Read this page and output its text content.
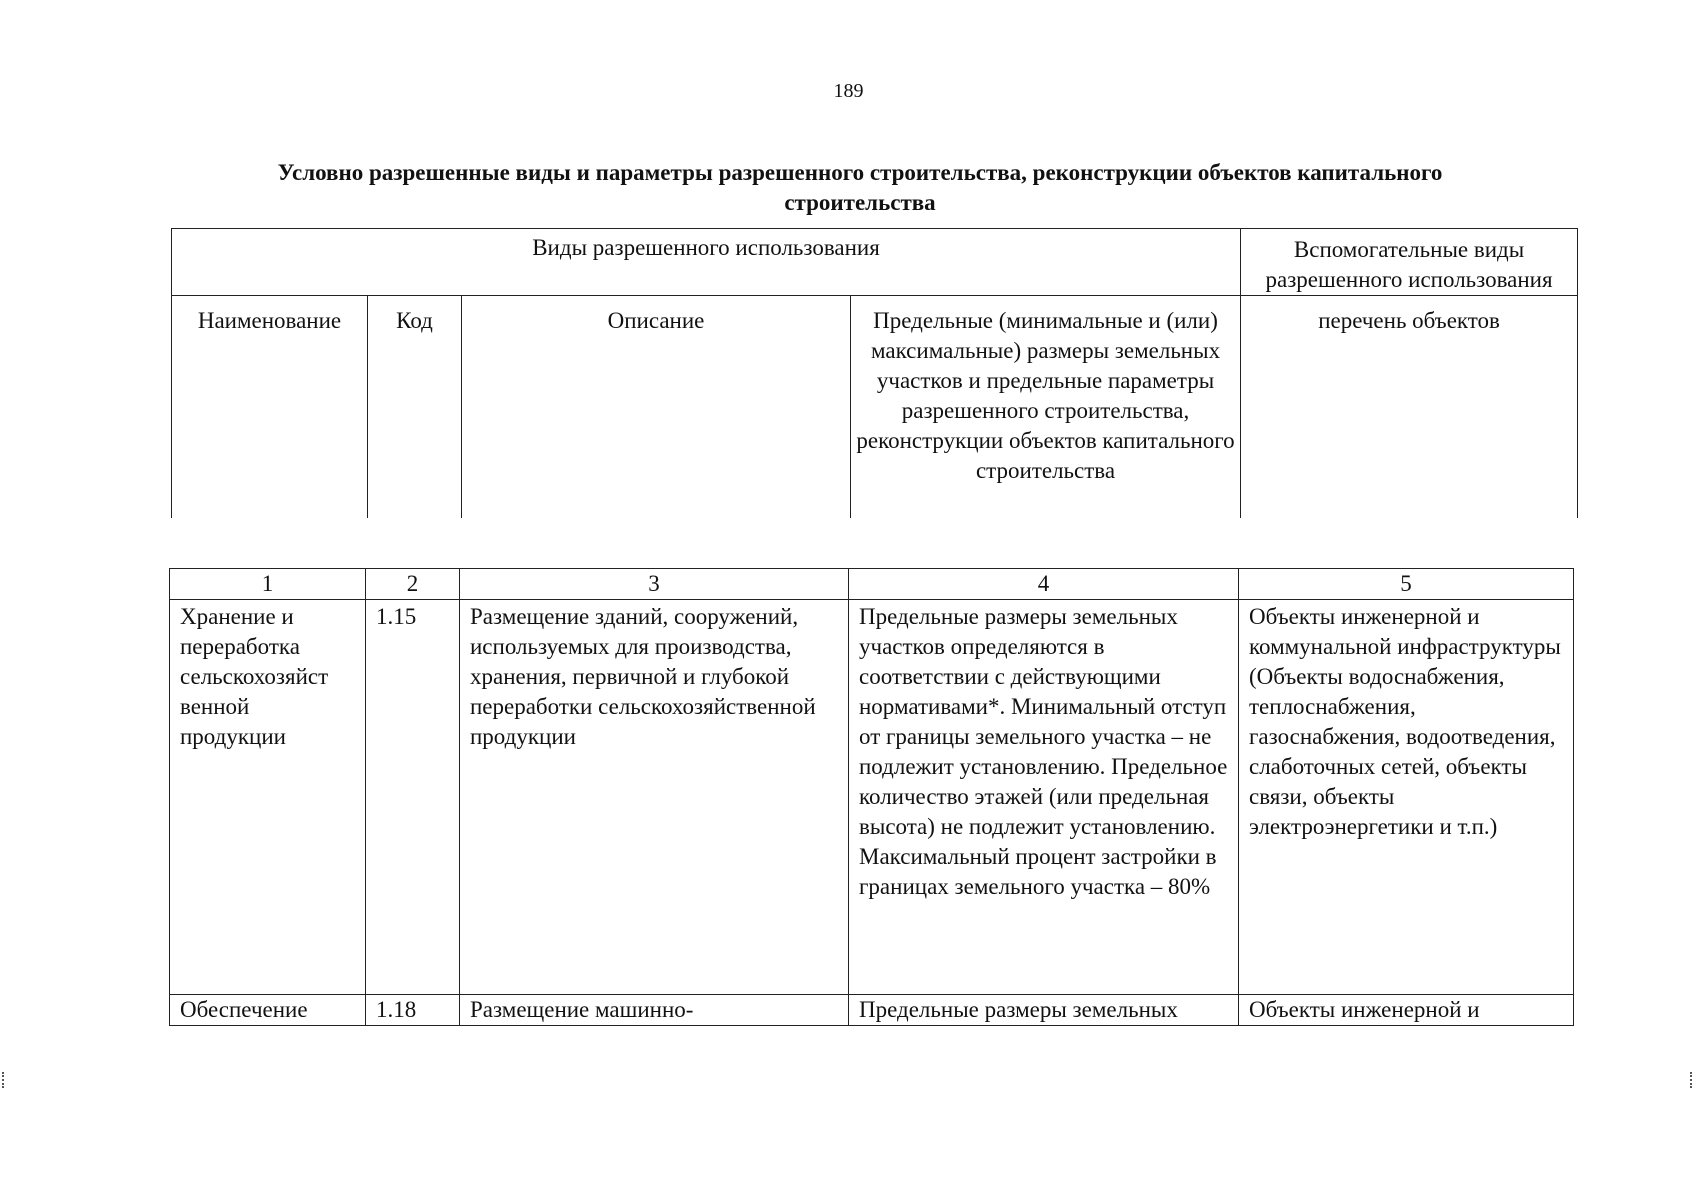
189
Условно разрешенные виды и параметры разрешенного строительства, реконструкции объектов капитального строительства
Виды разрешенного использования				Вспомогательные виды разрешенного использования
Наименование	Код	Описание	Предельные (минимальные и (или) максимальные) размеры земельных участков и предельные параметры разрешенного строительства, реконструкции объектов капитального строительства	перечень объектов
1	2	3	4	5
Хранение и переработка сельскохозяйст венной продукции	1.15	Размещение зданий, сооружений, используемых для производства, хранения, первичной и глубокой переработки сельскохозяйственной продукции	Предельные размеры земельных участков определяются в соответствии с действующими нормативами*. Минимальный отступ от границы земельного участка – не подлежит установлению. Предельное количество этажей (или предельная высота) не подлежит установлению. Максимальный процент застройки в границах земельного участка – 80%	Объекты инженерной и коммунальной инфраструктуры (Объекты водоснабжения, теплоснабжения, газоснабжения, водоотведения, слаботочных сетей, объекты связи, объекты электроэнергетики и т.п.)
Обеспечение	1.18	Размещение машинно-	Предельные размеры земельных	Объекты инженерной и
